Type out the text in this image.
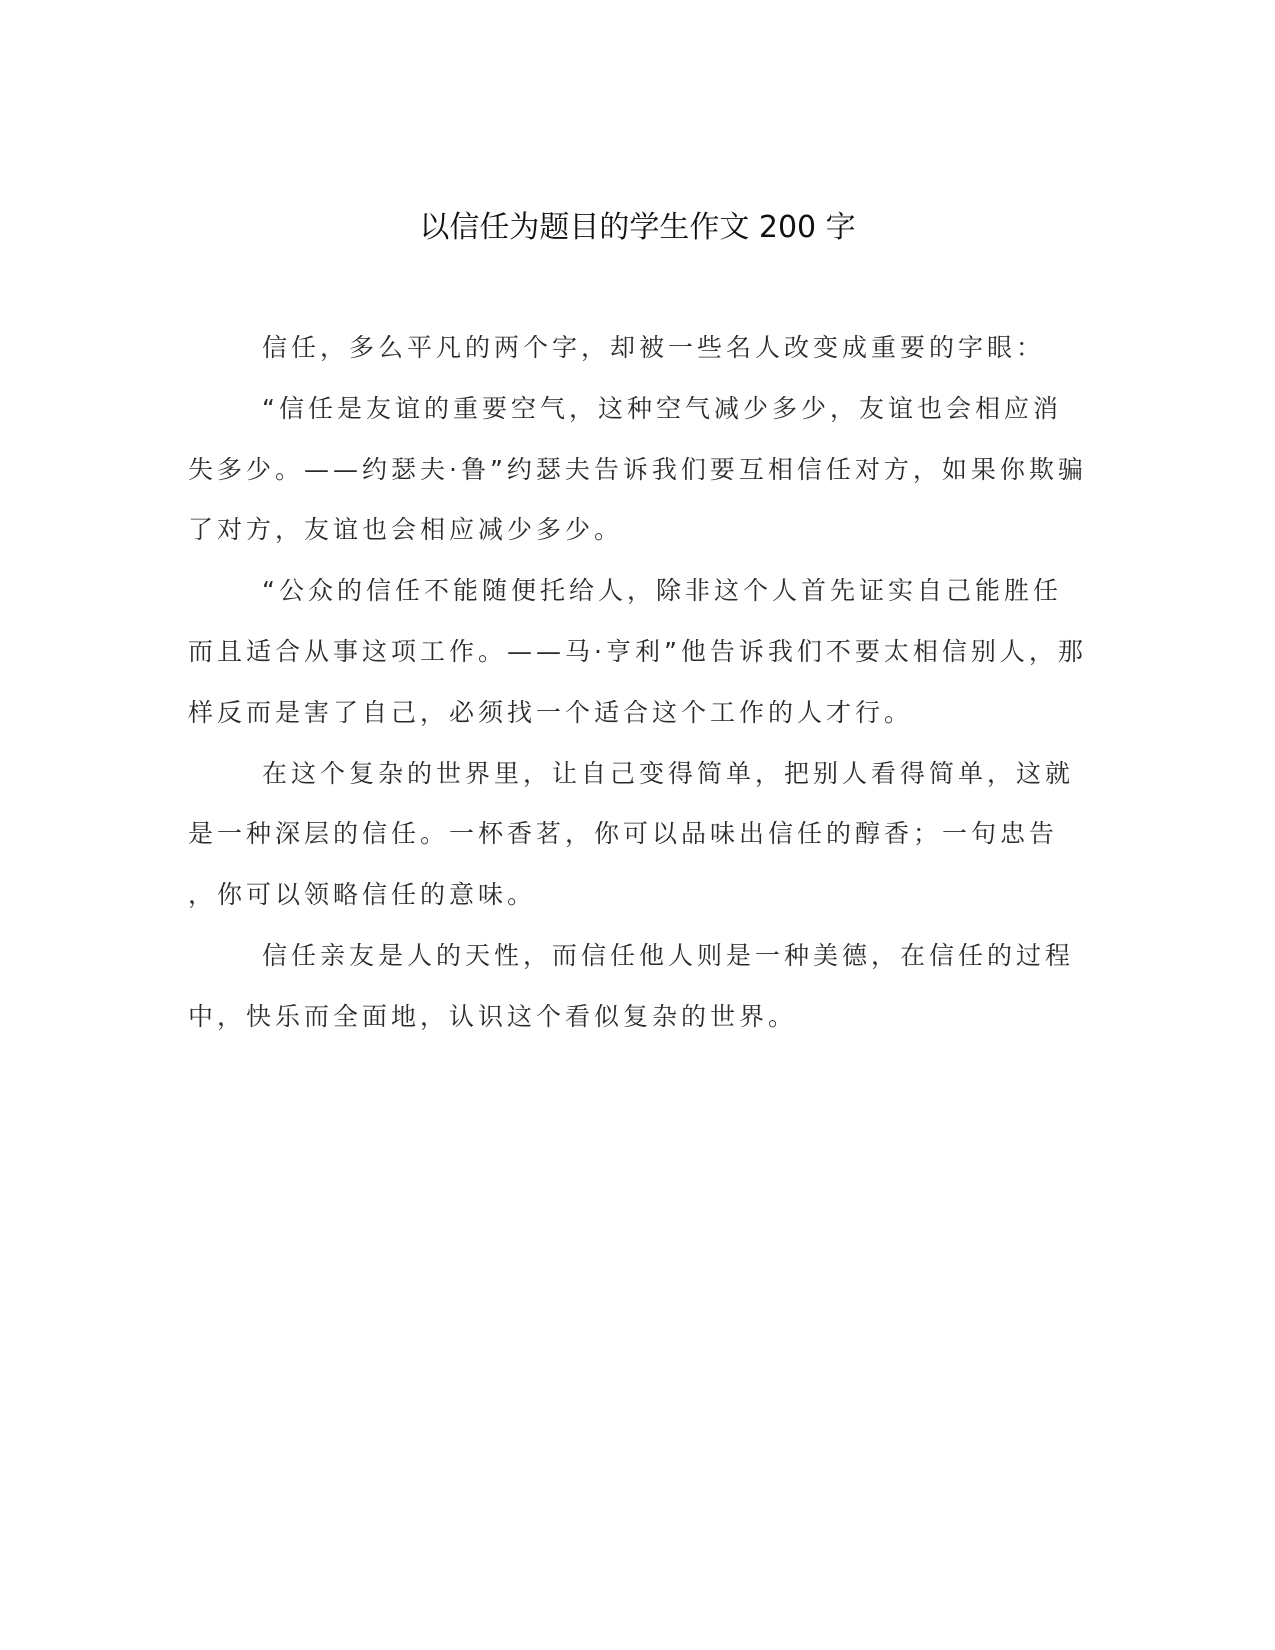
以信任为题目的学生作文 200 字
信任，多么平凡的两个字，却被一些名人改变成重要的字眼：
“信任是友谊的重要空气，这种空气减少多少，友谊也会相应消
失多少。——约瑟夫·鲁”约瑟夫告诉我们要互相信任对方，如果你欺骗
了对方，友谊也会相应减少多少。
“公众的信任不能随便托给人，除非这个人首先证实自己能胜任
而且适合从事这项工作。——马·亨利”他告诉我们不要太相信别人，那
样反而是害了自己，必须找一个适合这个工作的人才行。
在这个复杂的世界里，让自己变得简单，把别人看得简单，这就
是一种深层的信任。一杯香茗，你可以品味出信任的醇香；一句忠告
，你可以领略信任的意味。
信任亲友是人的天性，而信任他人则是一种美德，在信任的过程
中，快乐而全面地，认识这个看似复杂的世界。
